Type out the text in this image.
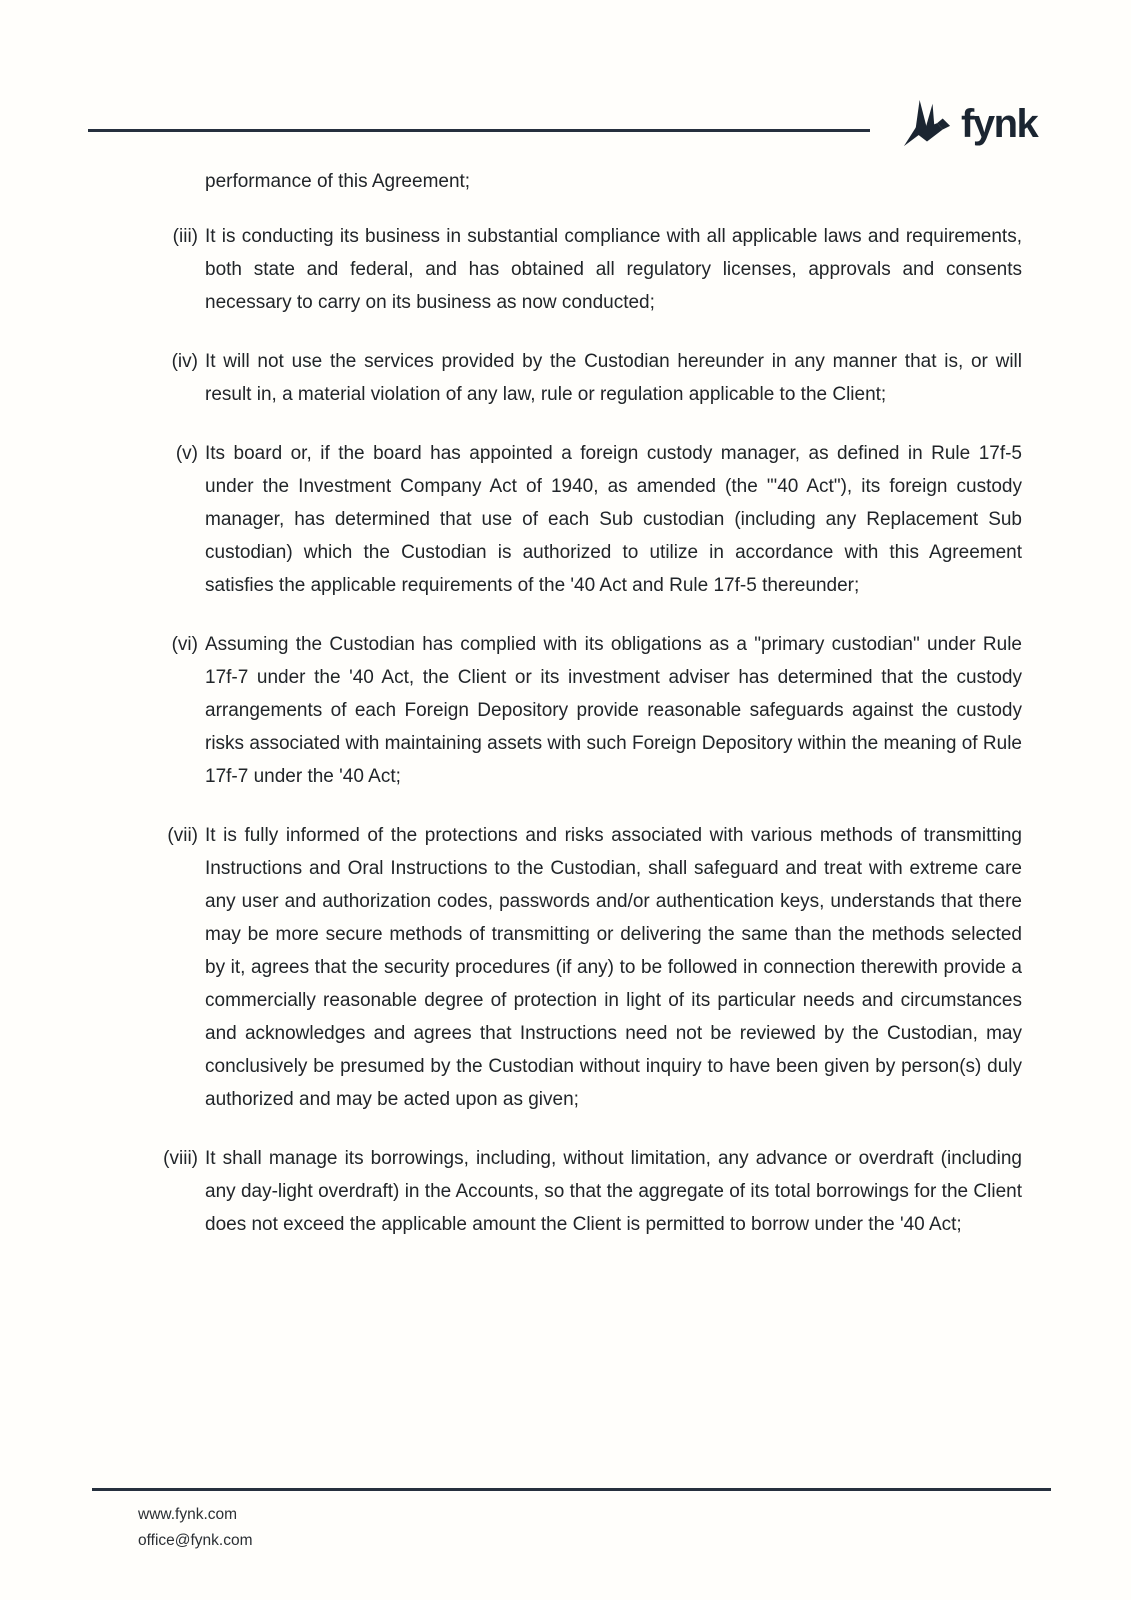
fynk

performance of this Agreement;

(iii) It is conducting its business in substantial compliance with all applicable laws and requirements, both state and federal, and has obtained all regulatory licenses, approvals and consents necessary to carry on its business as now conducted;
(iv) It will not use the services provided by the Custodian hereunder in any manner that is, or will result in, a material violation of any law, rule or regulation applicable to the Client;
(v) Its board or, if the board has appointed a foreign custody manager, as defined in Rule 17f-5 under the Investment Company Act of 1940, as amended (the "'40 Act"), its foreign custody manager, has determined that use of each Sub custodian (including any Replacement Sub custodian) which the Custodian is authorized to utilize in accordance with this Agreement satisfies the applicable requirements of the '40 Act and Rule 17f-5 thereunder;
(vi) Assuming the Custodian has complied with its obligations as a "primary custodian" under Rule 17f-7 under the '40 Act, the Client or its investment adviser has determined that the custody arrangements of each Foreign Depository provide reasonable safeguards against the custody risks associated with maintaining assets with such Foreign Depository within the meaning of Rule 17f-7 under the '40 Act;
(vii) It is fully informed of the protections and risks associated with various methods of transmitting Instructions and Oral Instructions to the Custodian, shall safeguard and treat with extreme care any user and authorization codes, passwords and/or authentication keys, understands that there may be more secure methods of transmitting or delivering the same than the methods selected by it, agrees that the security procedures (if any) to be followed in connection therewith provide a commercially reasonable degree of protection in light of its particular needs and circumstances and acknowledges and agrees that Instructions need not be reviewed by the Custodian, may conclusively be presumed by the Custodian without inquiry to have been given by person(s) duly authorized and may be acted upon as given;
(viii) It shall manage its borrowings, including, without limitation, any advance or overdraft (including any day-light overdraft) in the Accounts, so that the aggregate of its total borrowings for the Client does not exceed the applicable amount the Client is permitted to borrow under the '40 Act;
www.fynk.com
office@fynk.com
